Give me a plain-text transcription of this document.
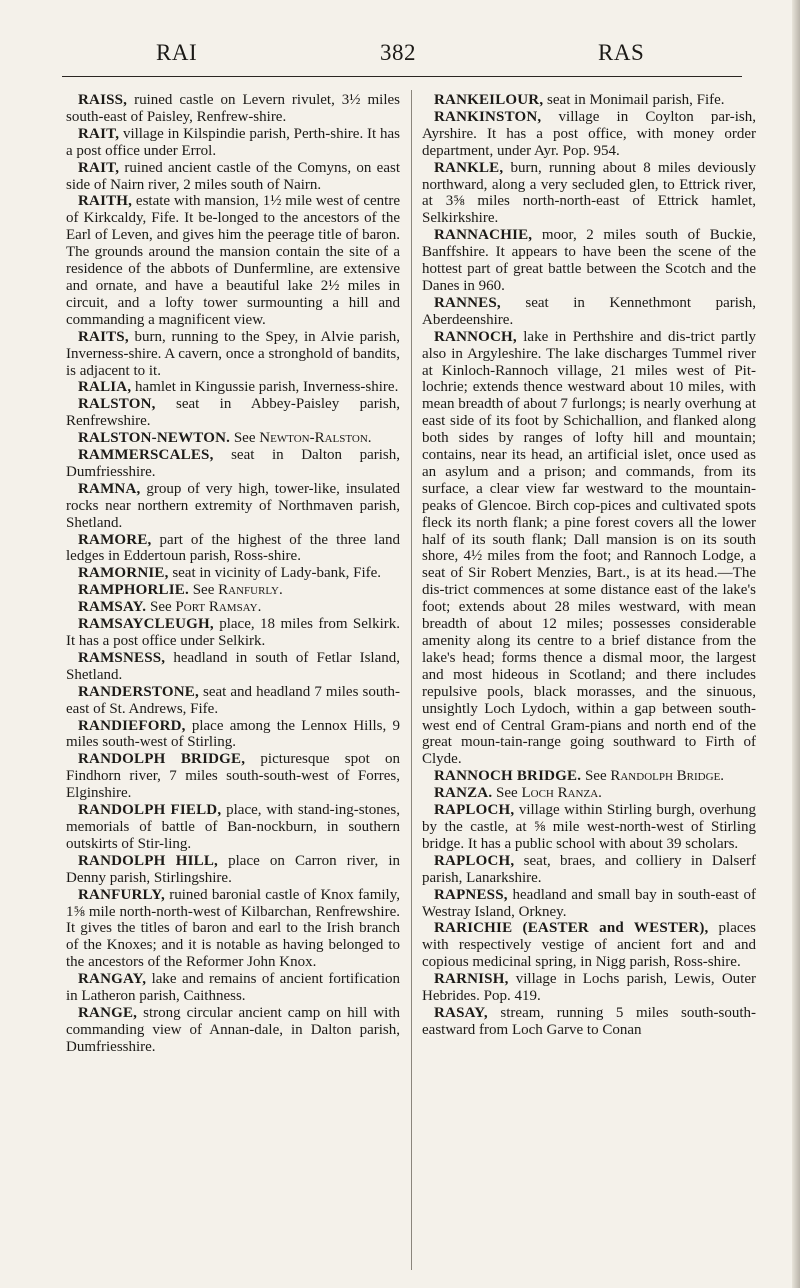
RAI	382	RAS

RAISS, ruined castle on Levern rivulet, 3½ miles south-east of Paisley, Renfrew-shire.

RAIT, village in Kilspindie parish, Perth-shire. It has a post office under Errol.

RAIT, ruined ancient castle of the Comyns, on east side of Nairn river, 2 miles south of Nairn.

RAITH, estate with mansion, 1½ mile west of centre of Kirkcaldy, Fife. It be-longed to the ancestors of the Earl of Leven, and gives him the peerage title of baron. The grounds around the mansion contain the site of a residence of the abbots of Dunfermline, are extensive and ornate, and have a beautiful lake 2½ miles in circuit, and a lofty tower surmounting a hill and commanding a magnificent view.

RAITS, burn, running to the Spey, in Alvie parish, Inverness-shire. A cavern, once a stronghold of bandits, is adjacent to it.

RALIA, hamlet in Kingussie parish, Inverness-shire.

RALSTON, seat in Abbey-Paisley parish, Renfrewshire.

RALSTON-NEWTON. See Newton-Ralston.

RAMMERSCALES, seat in Dalton parish, Dumfriesshire.

RAMNA, group of very high, tower-like, insulated rocks near northern extremity of Northmaven parish, Shetland.

RAMORE, part of the highest of the three land ledges in Eddertoun parish, Ross-shire.

RAMORNIE, seat in vicinity of Lady-bank, Fife.

RAMPHORLIE. See Ranfurly.

RAMSAY. See Port Ramsay.

RAMSAYCLEUGH, place, 18 miles from Selkirk. It has a post office under Selkirk.

RAMSNESS, headland in south of Fetlar Island, Shetland.

RANDERSTONE, seat and headland 7 miles south-east of St. Andrews, Fife.

RANDIEFORD, place among the Lennox Hills, 9 miles south-west of Stirling.

RANDOLPH BRIDGE, picturesque spot on Findhorn river, 7 miles south-south-west of Forres, Elginshire.

RANDOLPH FIELD, place, with stand-ing-stones, memorials of battle of Ban-nockburn, in southern outskirts of Stir-ling.

RANDOLPH HILL, place on Carron river, in Denny parish, Stirlingshire.

RANFURLY, ruined baronial castle of Knox family, 1⅝ mile north-north-west of Kilbarchan, Renfrewshire. It gives the titles of baron and earl to the Irish branch of the Knoxes; and it is notable as having belonged to the ancestors of the Reformer John Knox.

RANGAY, lake and remains of ancient fortification in Latheron parish, Caithness.

RANGE, strong circular ancient camp on hill with commanding view of Annan-dale, in Dalton parish, Dumfriesshire.

RANKEILOUR, seat in Monimail parish, Fife.

RANKINSTON, village in Coylton par-ish, Ayrshire. It has a post office, with money order department, under Ayr. Pop. 954.

RANKLE, burn, running about 8 miles deviously northward, along a very secluded glen, to Ettrick river, at 3⅝ miles north-north-east of Ettrick hamlet, Selkirkshire.

RANNACHIE, moor, 2 miles south of Buckie, Banffshire. It appears to have been the scene of the hottest part of great battle between the Scotch and the Danes in 960.

RANNES, seat in Kennethmont parish, Aberdeenshire.

RANNOCH, lake in Perthshire and dis-trict partly also in Argyleshire. The lake discharges Tummel river at Kinloch-Rannoch village, 21 miles west of Pit-lochrie; extends thence westward about 10 miles, with mean breadth of about 7 furlongs; is nearly overhung at east side of its foot by Schichallion, and flanked along both sides by ranges of lofty hill and mountain; contains, near its head, an artificial islet, once used as an asylum and a prison; and commands, from its surface, a clear view far westward to the mountain-peaks of Glencoe. Birch cop-pices and cultivated spots fleck its north flank; a pine forest covers all the lower half of its south flank; Dall mansion is on its south shore, 4½ miles from the foot; and Rannoch Lodge, a seat of Sir Robert Menzies, Bart., is at its head.—The dis-trict commences at some distance east of the lake's foot; extends about 28 miles westward, with mean breadth of about 12 miles; possesses considerable amenity along its centre to a brief distance from the lake's head; forms thence a dismal moor, the largest and most hideous in Scotland; and there includes repulsive pools, black morasses, and the sinuous, unsightly Loch Lydoch, within a gap between south-west end of Central Gram-pians and north end of the great moun-tain-range going southward to Firth of Clyde.

RANNOCH BRIDGE. See Randolph Bridge.

RANZA. See Loch Ranza.

RAPLOCH, village within Stirling burgh, overhung by the castle, at ⅝ mile west-north-west of Stirling bridge. It has a public school with about 39 scholars.

RAPLOCH, seat, braes, and colliery in Dalserf parish, Lanarkshire.

RAPNESS, headland and small bay in south-east of Westray Island, Orkney.

RARICHIE (EASTER and WESTER), places with respectively vestige of ancient fort and and copious medicinal spring, in Nigg parish, Ross-shire.

RARNISH, village in Lochs parish, Lewis, Outer Hebrides. Pop. 419.

RASAY, stream, running 5 miles south-south-eastward from Loch Garve to Conan
